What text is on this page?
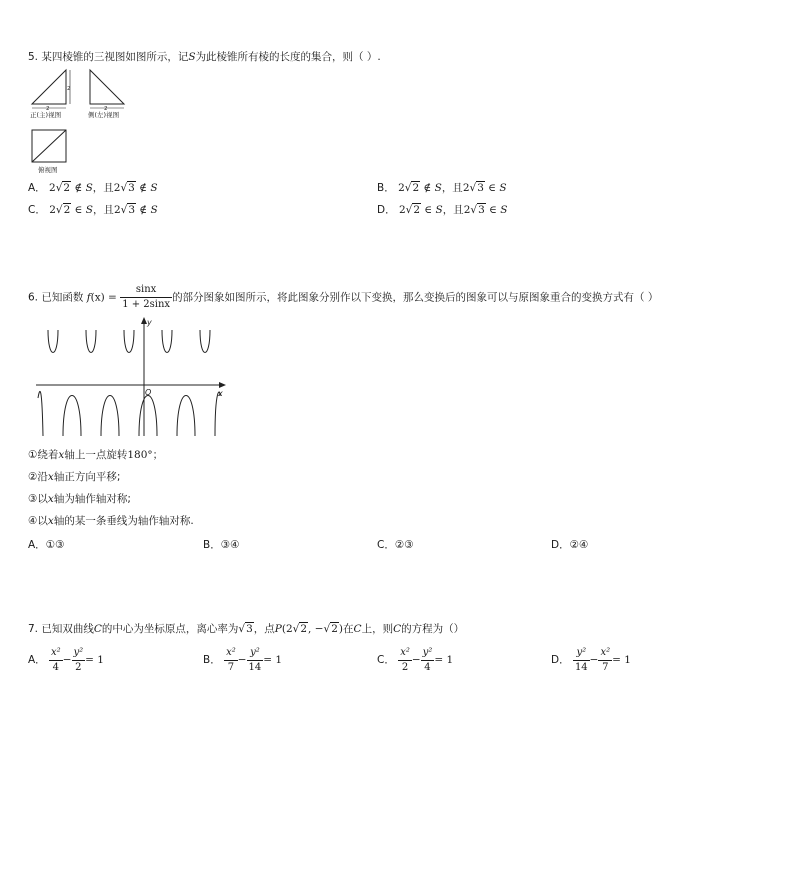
5. 某四棱锥的三视图如图所示，记S为此棱锥所有棱的长度的集合，则（ ）.
2
2
正(主)视图
2
侧(左)视图
俯视图
A． 2√2 ∉ S，且2√3 ∉ S	B． 2√2 ∉ S，且2√3 ∈ S
C． 2√2 ∈ S，且2√3 ∉ S	D． 2√2 ∈ S，且2√3 ∈ S
6. 已知函数 $f(x) = \frac{\sin x}{1 + 2\sin x}$ 的部分图象如图所示，将此图象分别作以下变换，那么变换后的图象可以与原图象重合的变换方式有（ ）
x
y
O
①绕着x轴上一点旋转180°；
②沿x轴正方向平移;
③以x轴为轴作轴对称;
④以x轴的某一条垂线为轴作轴对称.
A．①③	B．③④	C．②③	D．②④
7. 已知双曲线C的中心为坐标原点，离心率为√3，点P(2√2, −√2)在C上，则C的方程为（）
A． $\frac{\text{x²}}{4} - \frac{\text{y²}}{2} = 1$	B． $\frac{\text{x²}}{7} - \frac{\text{y²}}{14} = 1$	C． $\frac{\text{x²}}{2} - \frac{\text{y²}}{4} = 1$	D． $\frac{\text{y²}}{14} - \frac{\text{x²}}{7} = 1$
